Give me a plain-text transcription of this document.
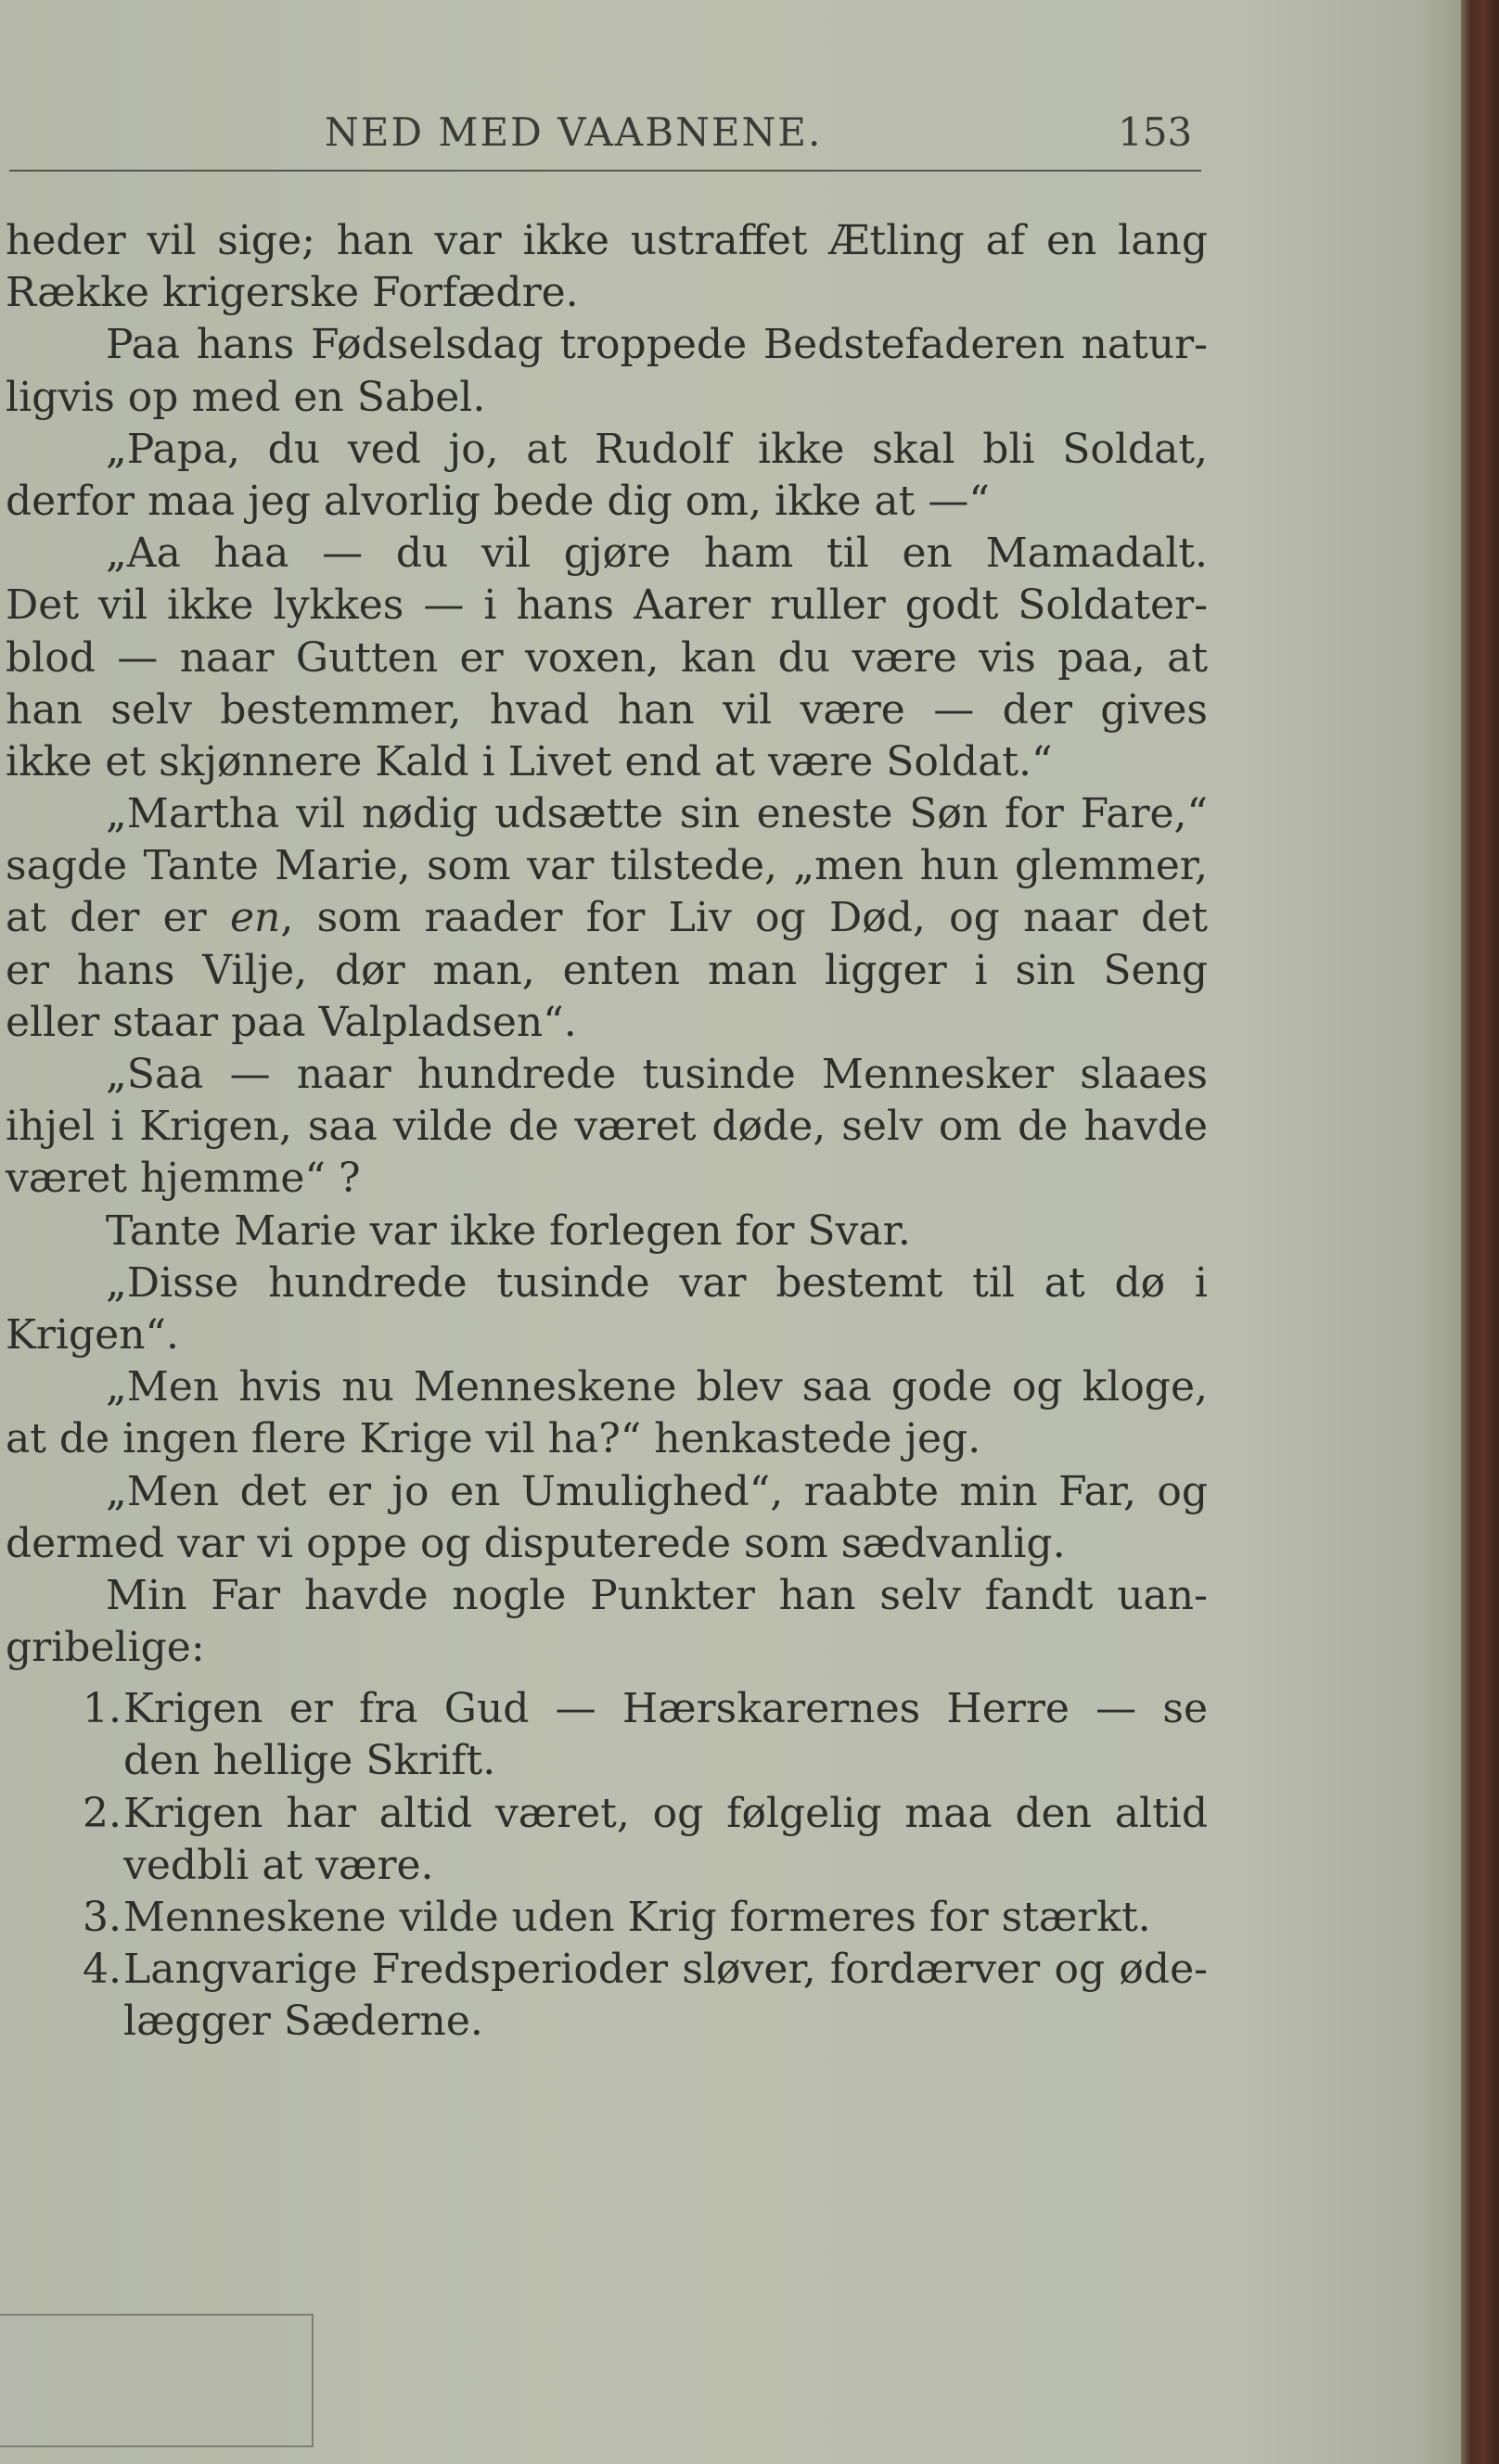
NED MED VAABNENE.	153
heder vil sige; han var ikke ustraffet Ætling af en lang
Række krigerske Forfædre.
Paa hans Fødselsdag troppede Bedstefaderen natur-
ligvis op med en Sabel.
„Papa, du ved jo, at Rudolf ikke skal bli Soldat,
derfor maa jeg alvorlig bede dig om, ikke at —“
„Aa haa — du vil gjøre ham til en Mamadalt.
Det vil ikke lykkes — i hans Aarer ruller godt Soldater-
blod — naar Gutten er voxen, kan du være vis paa, at
han selv bestemmer, hvad han vil være — der gives
ikke et skjønnere Kald i Livet end at være Soldat.“
„Martha vil nødig udsætte sin eneste Søn for Fare,“
sagde Tante Marie, som var tilstede, „men hun glemmer,
at der er en, som raader for Liv og Død, og naar det
er hans Vilje, dør man, enten man ligger i sin Seng
eller staar paa Valpladsen“.
„Saa — naar hundrede tusinde Mennesker slaaes
ihjel i Krigen, saa vilde de været døde, selv om de havde
været hjemme“ ?
Tante Marie var ikke forlegen for Svar.
„Disse hundrede tusinde var bestemt til at dø i
Krigen“.
„Men hvis nu Menneskene blev saa gode og kloge,
at de ingen flere Krige vil ha?“ henkastede jeg.
„Men det er jo en Umulighed“, raabte min Far, og
dermed var vi oppe og disputerede som sædvanlig.
Min Far havde nogle Punkter han selv fandt uan-
gribelige:
1. Krigen er fra Gud — Hærskarernes Herre — se
den hellige Skrift.
2. Krigen har altid været, og følgelig maa den altid
vedbli at være.
3. Menneskene vilde uden Krig formeres for stærkt.
4. Langvarige Fredsperioder sløver, fordærver og øde-
lægger Sæderne.
